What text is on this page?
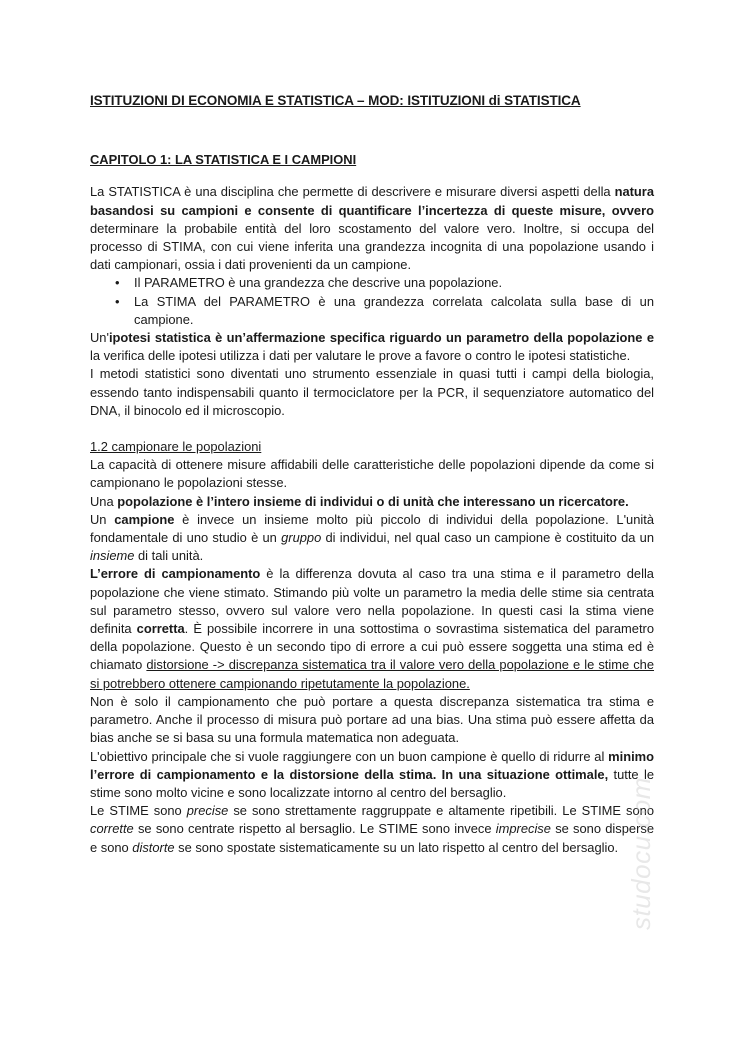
ISTITUZIONI DI ECONOMIA E STATISTICA – MOD: ISTITUZIONI di STATISTICA
CAPITOLO 1: LA STATISTICA E I CAMPIONI

La STATISTICA è una disciplina che permette di descrivere e misurare diversi aspetti della natura basandosi su campioni e consente di quantificare l’incertezza di queste misure, ovvero determinare la probabile entità del loro scostamento del valore vero. Inoltre, si occupa del processo di STIMA, con cui viene inferita una grandezza incognita di una popolazione usando i dati campionari, ossia i dati provenienti da un campione.

• Il PARAMETRO è una grandezza che descrive una popolazione.
• La STIMA del PARAMETRO è una grandezza correlata calcolata sulla base di un campione.

Un'ipotesi statistica è un’affermazione specifica riguardo un parametro della popolazione e la verifica delle ipotesi utilizza i dati per valutare le prove a favore o contro le ipotesi statistiche.

I metodi statistici sono diventati uno strumento essenziale in quasi tutti i campi della biologia, essendo tanto indispensabili quanto il termociclatore per la PCR, il sequenziatore automatico del DNA, il binocolo ed il microscopio.

1.2 campionare le popolazioni

La capacità di ottenere misure affidabili delle caratteristiche delle popolazioni dipende da come si campionano le popolazioni stesse.

Una popolazione è l’intero insieme di individui o di unità che interessano un ricercatore.

Un campione è invece un insieme molto più piccolo di individui della popolazione. L'unità fondamentale di uno studio è un gruppo di individui, nel qual caso un campione è costituito da un insieme di tali unità.

L’errore di campionamento è la differenza dovuta al caso tra una stima e il parametro della popolazione che viene stimato. Stimando più volte un parametro la media delle stime sia centrata sul parametro stesso, ovvero sul valore vero nella popolazione. In questi casi la stima viene definita corretta. È possibile incorrere in una sottostima o sovrastima sistematica del parametro della popolazione. Questo è un secondo tipo di errore a cui può essere soggetta una stima ed è chiamato distorsione -> discrepanza sistematica tra il valore vero della popolazione e le stime che si potrebbero ottenere campionando ripetutamente la popolazione.

Non è solo il campionamento che può portare a questa discrepanza sistematica tra stima e parametro. Anche il processo di misura può portare ad una bias. Una stima può essere affetta da bias anche se si basa su una formula matematica non adeguata.

L'obiettivo principale che si vuole raggiungere con un buon campione è quello di ridurre al minimo l’errore di campionamento e la distorsione della stima. In una situazione ottimale, tutte le stime sono molto vicine e sono localizzate intorno al centro del bersaglio.

Le STIME sono precise se sono strettamente raggruppate e altamente ripetibili. Le STIME sono corrette se sono centrate rispetto al bersaglio. Le STIME sono invece imprecise se sono disperse e sono distorte se sono spostate sistematicamente su un lato rispetto al centro del bersaglio. studocu.com
